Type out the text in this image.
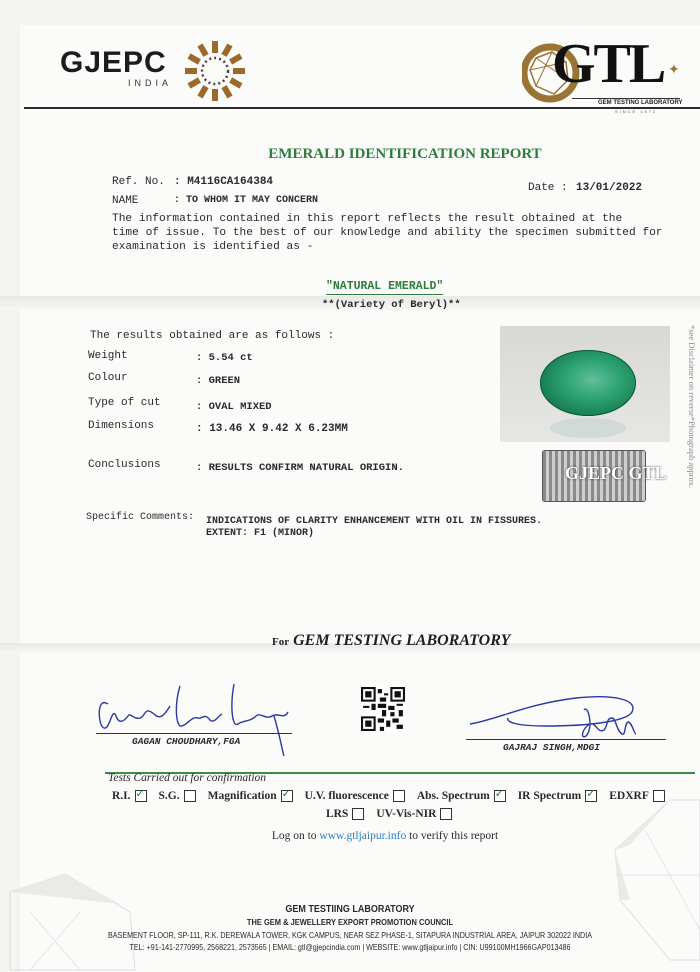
GJEPC
INDIA	GTL ✦
GEM TESTING LABORATORY
SINCE 1972
EMERALD IDENTIFICATION REPORT
Ref. No. : M4116CA164384	Date : 13/01/2022
NAME	: TO WHOM IT MAY CONCERN
The information contained in this report reflects the result obtained at the
time of issue. To the best of our knowledge and ability the specimen submitted for
examination is identified as -
"NATURAL EMERALD"
**(Variety of Beryl)**
The results obtained are as follows :
Weight	: 5.54 ct
Colour	: GREEN
Type of cut	: OVAL MIXED
Dimensions	: 13.46 X 9.42 X 6.23MM
Conclusions	: RESULTS CONFIRM NATURAL ORIGIN.
Specific Comments: INDICATIONS OF CLARITY ENHANCEMENT WITH OIL IN FISSURES.
EXTENT: F1 (MINOR)
GJEPC GTL *see Disclaimer on reverse*Photograph approx.
For GEM TESTING LABORATORY
GAGAN CHOUDHARY,FGA
GAJRAJ SINGH,MDGI
Tests Carried out for confirmation
R.I. ✓ S.G. Magnification ✓ U.V. fluorescence Abs. Spectrum ✓ IR Spectrum ✓ EDXRF
LRS UV-Vis-NIR
Log on to www.gtljaipur.info to verify this report
GEM TESTIING LABORATORY
THE GEM & JEWELLERY EXPORT PROMOTION COUNCIL
BASEMENT FLOOR, SP-111, R.K. DEREWALA TOWER, KGK CAMPUS, NEAR SEZ PHASE-1, SITAPURA INDUSTRIAL AREA, JAIPUR 302022 INDIA
TEL: +91-141-2770995, 2568221, 2573565 | EMAIL: gtl@gjepcindia.com | WEBSITE: www.gtljaipur.info | CIN: U99100MH1966GAP013486
